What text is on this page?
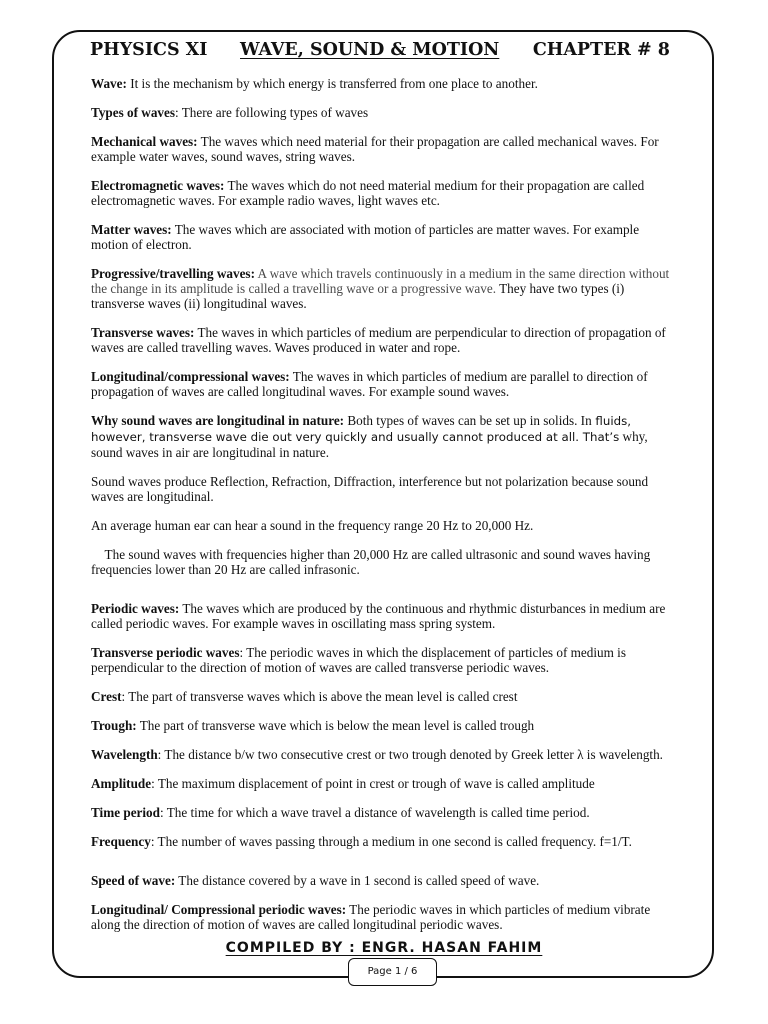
PHYSICS XI WAVE, SOUND & MOTION CHAPTER # 8

Wave: It is the mechanism by which energy is transferred from one place to another.

Types of waves: There are following types of waves

Mechanical waves: The waves which need material for their propagation are called mechanical waves. For example water waves, sound waves, string waves.

Electromagnetic waves: The waves which do not need material medium for their propagation are called electromagnetic waves. For example radio waves, light waves etc.

Matter waves: The waves which are associated with motion of particles are matter waves. For example motion of electron.

Progressive/travelling waves: A wave which travels continuously in a medium in the same direction without the change in its amplitude is called a travelling wave or a progressive wave. They have two types (i) transverse waves (ii) longitudinal waves.

Transverse waves: The waves in which particles of medium are perpendicular to direction of propagation of waves are called travelling waves. Waves produced in water and rope.

Longitudinal/compressional waves: The waves in which particles of medium are parallel to direction of propagation of waves are called longitudinal waves. For example sound waves.

Why sound waves are longitudinal in nature: Both types of waves can be set up in solids. In fluids, however, transverse wave die out very quickly and usually cannot produced at all. That’s why, sound waves in air are longitudinal in nature.

Sound waves produce Reflection, Refraction, Diffraction, interference but not polarization because sound waves are longitudinal.

An average human ear can hear a sound in the frequency range 20 Hz to 20,000 Hz.

The sound waves with frequencies higher than 20,000 Hz are called ultrasonic and sound waves having frequencies lower than 20 Hz are called infrasonic.

Periodic waves: The waves which are produced by the continuous and rhythmic disturbances in medium are called periodic waves. For example waves in oscillating mass spring system.

Transverse periodic waves: The periodic waves in which the displacement of particles of medium is perpendicular to the direction of motion of waves are called transverse periodic waves.

Crest: The part of transverse waves which is above the mean level is called crest

Trough: The part of transverse wave which is below the mean level is called trough

Wavelength: The distance b/w two consecutive crest or two trough denoted by Greek letter λ is wavelength.

Amplitude: The maximum displacement of point in crest or trough of wave is called amplitude

Time period: The time for which a wave travel a distance of wavelength is called time period.

Frequency: The number of waves passing through a medium in one second is called frequency. f=1/T.

Speed of wave: The distance covered by a wave in 1 second is called speed of wave.

Longitudinal/ Compressional periodic waves: The periodic waves in which particles of medium vibrate along the direction of motion of waves are called longitudinal periodic waves.

COMPILED BY : ENGR. HASAN FAHIM
Page 1 / 6
